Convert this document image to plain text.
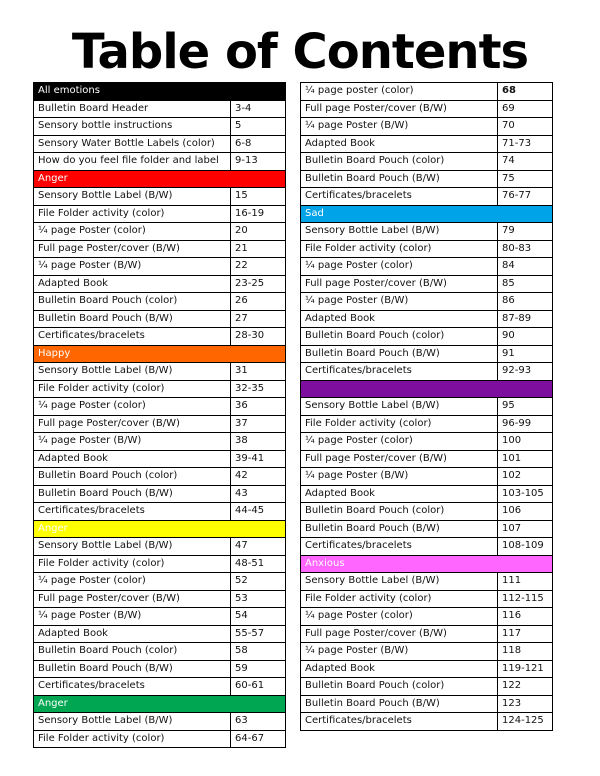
Table of Contents
All emotions	
Bulletin Board Header	3-4
Sensory bottle instructions	5
Sensory Water Bottle Labels (color)	6-8
How do you feel file folder and label	9-13
Anger	
Sensory Bottle Label (B/W)	15
File Folder activity (color)	16-19
¼ page Poster (color)	20
Full page Poster/cover (B/W)	21
¼ page Poster (B/W)	22
Adapted Book	23-25
Bulletin Board Pouch (color)	26
Bulletin Board Pouch (B/W)	27
Certificates/bracelets	28-30
Happy	
Sensory Bottle Label (B/W)	31
File Folder activity (color)	32-35
¼ page Poster (color)	36
Full page Poster/cover (B/W)	37
¼ page Poster (B/W)	38
Adapted Book	39-41
Bulletin Board Pouch (color)	42
Bulletin Board Pouch (B/W)	43
Certificates/bracelets	44-45
Anger	
Sensory Bottle Label (B/W)	47
File Folder activity (color)	48-51
¼ page Poster (color)	52
Full page Poster/cover (B/W)	53
¼ page Poster (B/W)	54
Adapted Book	55-57
Bulletin Board Pouch (color)	58
Bulletin Board Pouch (B/W)	59
Certificates/bracelets	60-61
Anger	
Sensory Bottle Label (B/W)	63
File Folder activity (color)	64-67
¼ page poster (color)	68
Full page Poster/cover (B/W)	69
¼ page Poster (B/W)	70
Adapted Book	71-73
Bulletin Board Pouch (color)	74
Bulletin Board Pouch (B/W)	75
Certificates/bracelets	76-77
Sad	
Sensory Bottle Label (B/W)	79
File Folder activity (color)	80-83
¼ page Poster (color)	84
Full page Poster/cover (B/W)	85
¼ page Poster (B/W)	86
Adapted Book	87-89
Bulletin Board Pouch (color)	90
Bulletin Board Pouch (B/W)	91
Certificates/bracelets	92-93
Happy	
Sensory Bottle Label (B/W)	95
File Folder activity (color)	96-99
¼ page Poster (color)	100
Full page Poster/cover (B/W)	101
¼ page Poster (B/W)	102
Adapted Book	103-105
Bulletin Board Pouch (color)	106
Bulletin Board Pouch (B/W)	107
Certificates/bracelets	108-109
Anxious	
Sensory Bottle Label (B/W)	111
File Folder activity (color)	112-115
¼ page Poster (color)	116
Full page Poster/cover (B/W)	117
¼ page Poster (B/W)	118
Adapted Book	119-121
Bulletin Board Pouch (color)	122
Bulletin Board Pouch (B/W)	123
Certificates/bracelets	124-125
